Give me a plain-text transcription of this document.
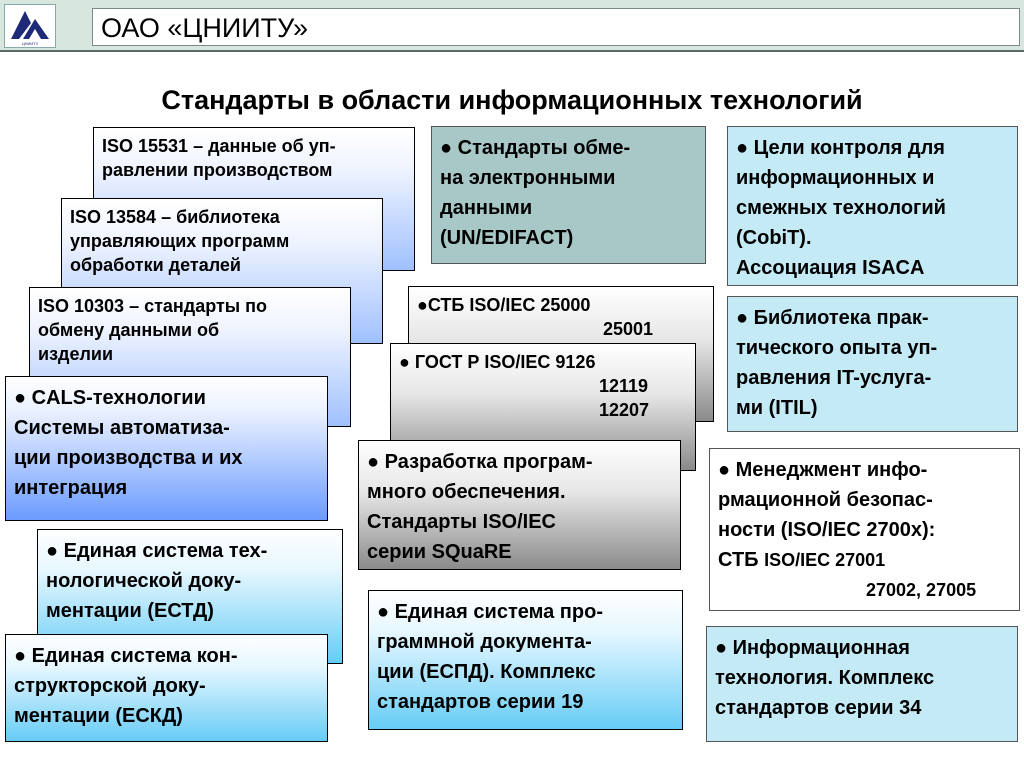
ЦНИИТУ
ОАО «ЦНИИТУ»
Стандарты в области информационных технологий
ISO 15531 – данные об уп-
равлении производством
ISO 13584 – библиотека
управляющих программ
обработки деталей
ISO 10303 – стандарты по
обмену данными об
изделии
● CALS-технологии
Системы автоматиза-
ции производства и их
интеграция
● Единая система тех-
нологической доку-
ментации (ЕСТД)
● Единая система кон-
структорской доку-
ментации (ЕСКД)
● Стандарты обме-
на электронными
данными
(UN/EDIFACT)
●СТБ ISO/IEC 25000
25001
● ГОСТ Р ISO/IEC 9126
12119
12207
● Разработка програм-
много обеспечения.
Стандарты ISO/IEC
серии SQuaRE
● Единая система про-
граммной документа-
ции (ЕСПД). Комплекс
стандартов серии 19
● Цели контроля для
информационных и
смежных технологий
(CobiT).
Ассоциация ISACA
● Библиотека прак-
тического опыта уп-
равления IT-услуга-
ми (ITIL)
● Менеджмент инфо-
рмационной безопас-
ности (ISO/IEC 2700x):
СТБ ISO/IEC 27001
27002, 27005
● Информационная
технология. Комплекс
стандартов серии 34
